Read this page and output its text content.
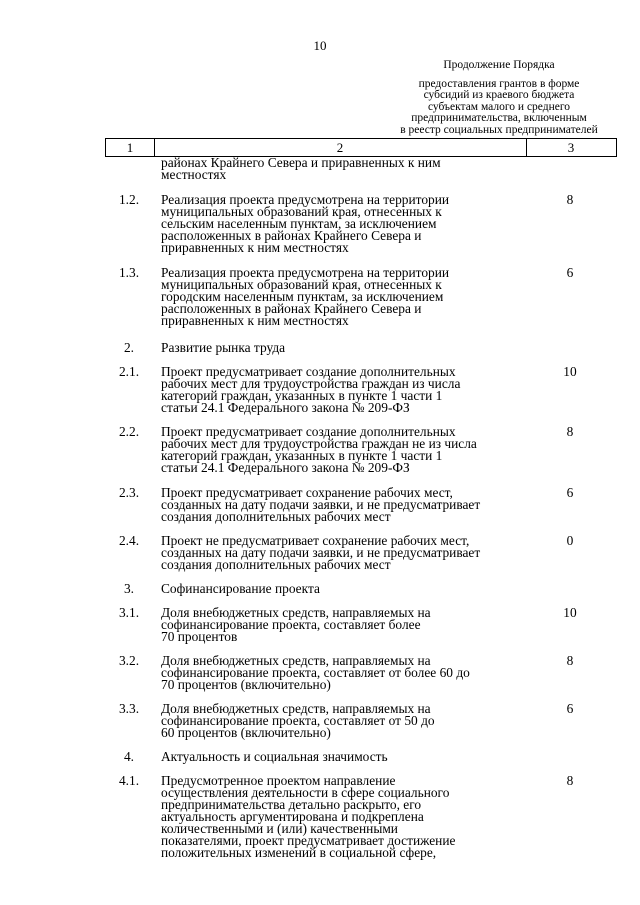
10
Продолжение Порядка
предоставления грантов в форме
субсидий из краевого бюджета
субъектам малого и среднего
предпринимательства, включенным
в реестр социальных предпринимателей
1	2	3
районах Крайнего Севера и приравненных к ним
местностях
1.2.	Реализация проекта предусмотрена на территории
муниципальных образований края, отнесенных к
сельским населенным пунктам, за исключением
расположенных в районах Крайнего Севера и
приравненных к ним местностях
8
1.3.	Реализация проекта предусмотрена на территории
муниципальных образований края, отнесенных к
городским населенным пунктам, за исключением
расположенных в районах Крайнего Севера и
приравненных к ним местностях
6
2.	Развитие рынка труда
2.1.	Проект предусматривает создание дополнительных
рабочих мест для трудоустройства граждан из числа
категорий граждан, указанных в пункте 1 части 1
статьи 24.1 Федерального закона № 209-ФЗ
10
2.2.	Проект предусматривает создание дополнительных
рабочих мест для трудоустройства граждан не из числа
категорий граждан, указанных в пункте 1 части 1
статьи 24.1 Федерального закона № 209-ФЗ
8
2.3.	Проект предусматривает сохранение рабочих мест,
созданных на дату подачи заявки, и не предусматривает
создания дополнительных рабочих мест
6
2.4.	Проект не предусматривает сохранение рабочих мест,
созданных на дату подачи заявки, и не предусматривает
создания дополнительных рабочих мест
0
3.	Софинансирование проекта
3.1.	Доля внебюджетных средств, направляемых на
софинансирование проекта, составляет более
70 процентов
10
3.2.	Доля внебюджетных средств, направляемых на
софинансирование проекта, составляет от более 60 до
70 процентов (включительно)
8
3.3.	Доля внебюджетных средств, направляемых на
софинансирование проекта, составляет от 50 до
60 процентов (включительно)
6
4.	Актуальность и социальная значимость
4.1.	Предусмотренное проектом направление
осуществления деятельности в сфере социального
предпринимательства детально раскрыто, его
актуальность аргументирована и подкреплена
количественными и (или) качественными
показателями, проект предусматривает достижение
положительных изменений в социальной сфере,
8
